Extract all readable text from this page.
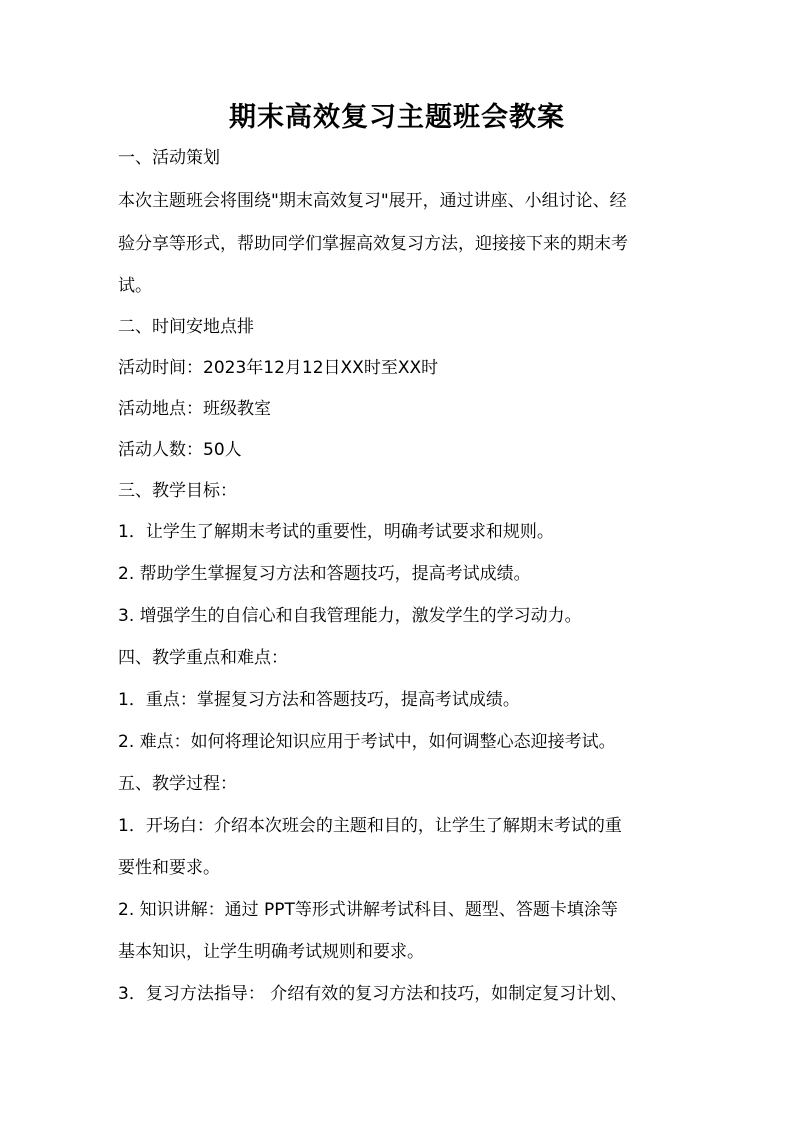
期末高效复习主题班会教案
一、活动策划
本次主题班会将围绕"期末高效复习"展开，通过讲座、小组讨论、经
验分享等形式，帮助同学们掌握高效复习方法，迎接接下来的期末考
试。
二、时间安地点排
活动时间：2023年12月12日XX时至XX时
活动地点：班级教室
活动人数：50人
三、教学目标：
1．让学生了解期末考试的重要性，明确考试要求和规则。
2. 帮助学生掌握复习方法和答题技巧，提高考试成绩。
3. 增强学生的自信心和自我管理能力，激发学生的学习动力。
四、教学重点和难点：
1．重点：掌握复习方法和答题技巧，提高考试成绩。
2. 难点：如何将理论知识应用于考试中，如何调整心态迎接考试。
五、教学过程：
1．开场白：介绍本次班会的主题和目的，让学生了解期末考试的重
要性和要求。
2. 知识讲解：通过 PPT等形式讲解考试科目、题型、答题卡填涂等
基本知识，让学生明确考试规则和要求。
3．复习方法指导： 介绍有效的复习方法和技巧，如制定复习计划、
